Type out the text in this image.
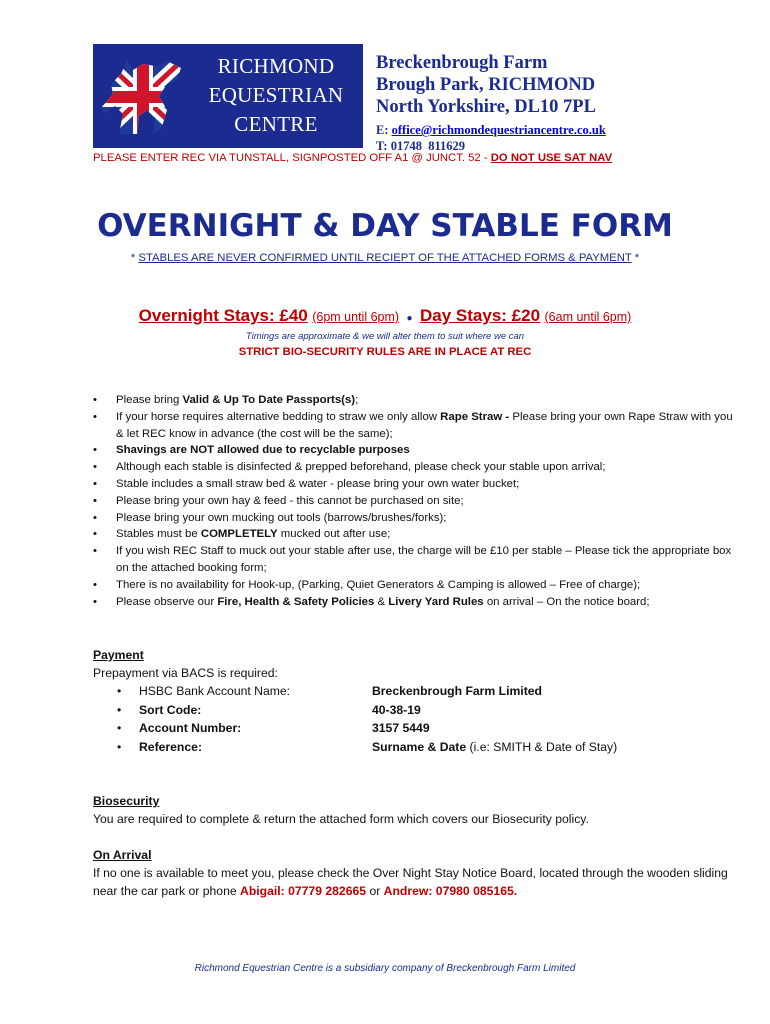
RICHMOND
EQUESTRIAN
CENTRE
Breckenbrough Farm
Brough Park, RICHMOND
North Yorkshire, DL10 7PL
E: office@richmondequestriancentre.co.uk
T: 01748  811629
PLEASE ENTER REC VIA TUNSTALL, SIGNPOSTED OFF A1 @ JUNCT. 52 - DO NOT USE SAT NAV
OVERNIGHT & DAY STABLE FORM
* STABLES ARE NEVER CONFIRMED UNTIL RECIEPT OF THE ATTACHED FORMS & PAYMENT *
Overnight Stays: £40 (6pm until 6pm) ● Day Stays: £20 (6am until 6pm)
Timings are approximate & we will alter them to suit where we can
STRICT BIO-SECURITY RULES ARE IN PLACE AT REC
• Please bring Valid & Up To Date Passports(s);
• If your horse requires alternative bedding to straw we only allow Rape Straw - Please bring your own Rape Straw with you & let REC know in advance (the cost will be the same);
• Shavings are NOT allowed due to recyclable purposes
• Although each stable is disinfected & prepped beforehand, please check your stable upon arrival;
• Stable includes a small straw bed & water - please bring your own water bucket;
• Please bring your own hay & feed - this cannot be purchased on site;
• Please bring your own mucking out tools (barrows/brushes/forks);
• Stables must be COMPLETELY mucked out after use;
• If you wish REC Staff to muck out your stable after use, the charge will be £10 per stable – Please tick the appropriate box on the attached booking form;
• There is no availability for Hook-up, (Parking, Quiet Generators & Camping is allowed – Free of charge);
• Please observe our Fire, Health & Safety Policies & Livery Yard Rules on arrival – On the notice board;
Payment
Prepayment via BACS is required:
• HSBC Bank Account Name:	Breckenbrough Farm Limited
• Sort Code:	40-38-19
• Account Number:	3157 5449
• Reference:	Surname & Date (i.e: SMITH & Date of Stay)
Biosecurity
You are required to complete & return the attached form which covers our Biosecurity policy.
On Arrival
If no one is available to meet you, please check the Over Night Stay Notice Board, located through the wooden sliding near the car park or phone Abigail: 07779 282665 or Andrew: 07980 085165.
Richmond Equestrian Centre is a subsidiary company of Breckenbrough Farm Limited
